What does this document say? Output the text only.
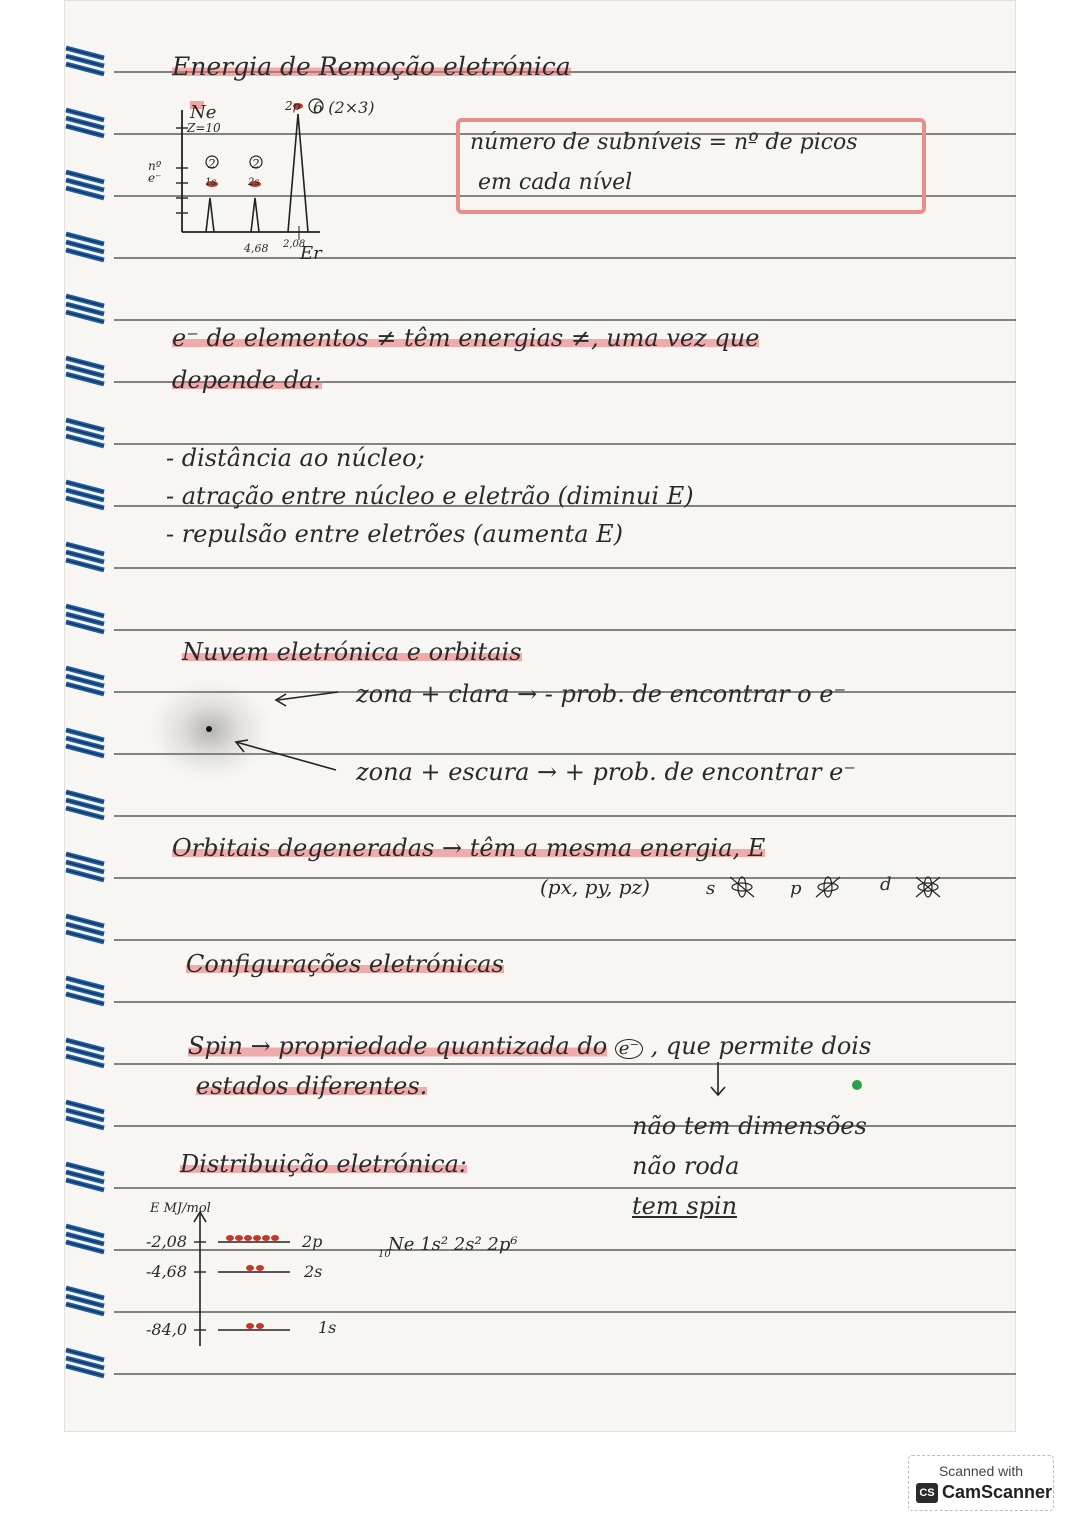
Energia de Remoção eletrónica
Ne
Z=10
nº e⁻
6 (2×3)
2p
2	2
1s	2s
4,68 2,08
Er
número de subníveis = nº de picos
em cada nível
e⁻ de elementos ≠ têm energias ≠, uma vez que
depende da:
- distância ao núcleo;
- atração entre núcleo e eletrão (diminui E)
- repulsão entre eletrões (aumenta E)
Nuvem eletrónica e orbitais
zona + clara → - prob. de encontrar o e⁻
zona + escura → + prob. de encontrar e⁻
Orbitais degeneradas → têm a mesma energia, E
(px, py, pz)	s	p	d
Configurações eletrónicas
Spin → propriedade quantizada do e⁻ , que permite dois
estados diferentes.
não tem dimensões
não roda
tem spin
Distribuição eletrónica:
E MJ/mol
-2,08
-4,68
-84,0
2p
2s
1s
10
Ne 1s² 2s² 2p⁶
Scanned with
CS CamScanner
